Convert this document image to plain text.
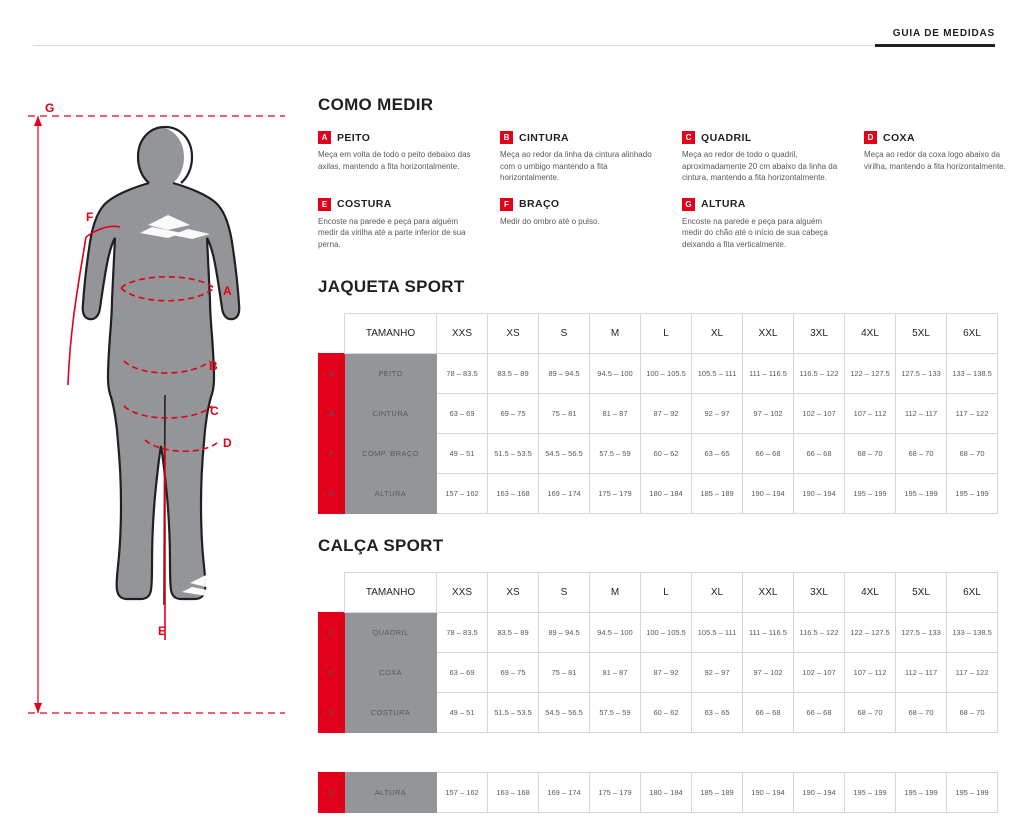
GUIA DE MEDIDAS
G
F
A
B
C
D
E
COMO MEDIR
A PEITO
Meça em volta de todo o peito debaixo das axilas, mantendo a fita horizontalmente.
B CINTURA
Meça ao redor da linha da cintura alinhado com o umbigo mantendo a fita horizontalmente.
C QUADRIL
Meça ao redor de todo o quadril, aproximadamente 20 cm abaixo da linha da cintura, mantendo a fita horizontalmente.
D COXA
Meça ao redor da coxa logo abaixo da virilha, mantendo a fita horizontalmente.
E COSTURA
Encoste na parede e peça para alguém medir da virilha até a parte inferior de sua perna.
F BRAÇO
Medir do ombro até o pulso.
G ALTURA
Encoste na parede e peça para alguém medir do chão até o início de sua cabeça deixando a fita verticalmente.
JAQUETA SPORT
	TAMANHO	XXS	XS	S	M	L	XL	XXL	3XL	4XL	5XL	6XL
A	PEITO	78 – 83.5	83.5 – 89	89 – 94.5	94.5 – 100	100 – 105.5	105.5 – 111	111 – 116.5	116.5 – 122	122 – 127.5	127.5 – 133	133 – 138.5
B	CINTURA	63 – 69	69 – 75	75 – 81	81 – 87	87 – 92	92 – 97	97 – 102	102 – 107	107 – 112	112 – 117	117 – 122
F	COMP. BRAÇO	49 – 51	51.5 – 53.5	54.5 – 56.5	57.5 – 59	60 – 62	63 – 65	66 – 68	66 – 68	68 – 70	68 – 70	68 – 70
G	ALTURA	157 – 162	163 – 168	169 – 174	175 – 179	180 – 184	185 – 189	190 – 194	190 – 194	195 – 199	195 – 199	195 – 199
CALÇA SPORT
	TAMANHO	XXS	XS	S	M	L	XL	XXL	3XL	4XL	5XL	6XL
C	QUADRIL	78 – 83.5	83.5 – 89	89 – 94.5	94.5 – 100	100 – 105.5	105.5 – 111	111 – 116.5	116.5 – 122	122 – 127.5	127.5 – 133	133 – 138.5
D	COXA	63 – 69	69 – 75	75 – 81	81 – 87	87 – 92	92 – 97	97 – 102	102 – 107	107 – 112	112 – 117	117 – 122
F	COSTURA	49 – 51	51.5 – 53.5	54.5 – 56.5	57.5 – 59	60 – 62	63 – 65	66 – 68	66 – 68	68 – 70	68 – 70	68 – 70

G	ALTURA	157 – 162	163 – 168	169 – 174	175 – 179	180 – 184	185 – 189	190 – 194	190 – 194	195 – 199	195 – 199	195 – 199
